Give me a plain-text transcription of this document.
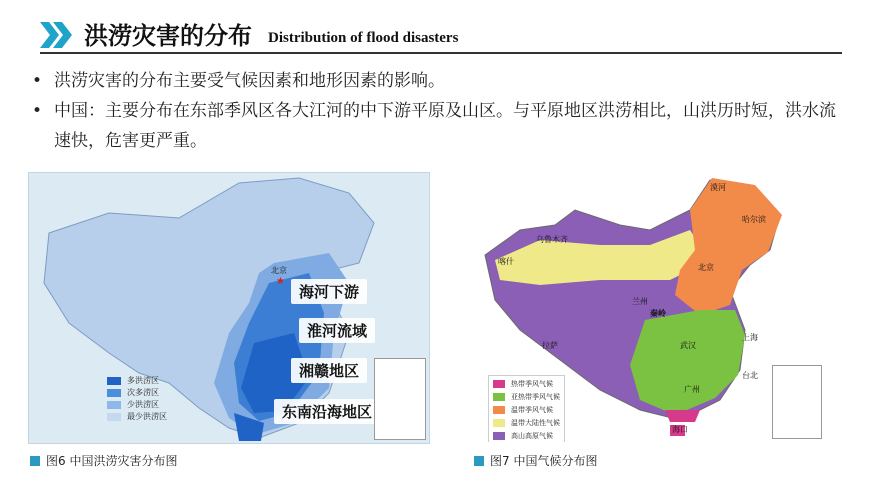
洪涝灾害的分布 Distribution of flood disasters
• 洪涝灾害的分布主要受气候因素和地形因素的影响。
• 中国：主要分布在东部季风区各大江河的中下游平原及山区。与平原地区洪涝相比，山洪历时短，洪水流速快，危害更严重。
北京
★
海河下游
淮河流域
湘赣地区
东南沿海地区
多洪涝区
次多涝区
少洪涝区
最少洪涝区
乌鲁木齐
喀什
拉萨
兰州
北京
哈尔滨
漠河
武汉
上海
广州
台北
海口
秦岭
热带季风气候
亚热带季风气候
温带季风气候
温带大陆性气候
高山高原气候
图6 中国洪涝灾害分布图	图7 中国气候分布图
